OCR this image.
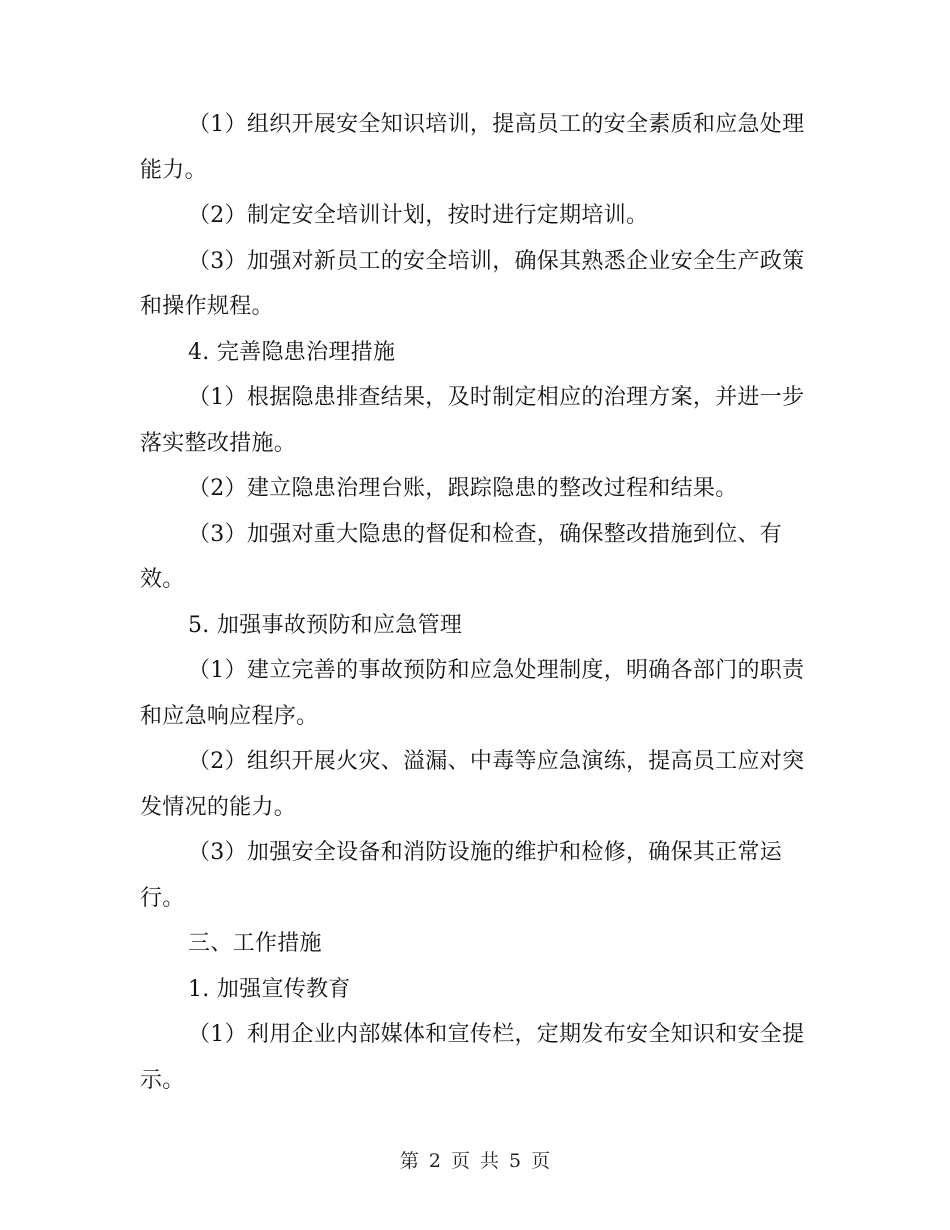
（1）组织开展安全知识培训，提高员工的安全素质和应急处理能力。

（2）制定安全培训计划，按时进行定期培训。

（3）加强对新员工的安全培训，确保其熟悉企业安全生产政策和操作规程。

4. 完善隐患治理措施

（1）根据隐患排查结果，及时制定相应的治理方案，并进一步落实整改措施。

（2）建立隐患治理台账，跟踪隐患的整改过程和结果。

（3）加强对重大隐患的督促和检查，确保整改措施到位、有效。

5. 加强事故预防和应急管理

（1）建立完善的事故预防和应急处理制度，明确各部门的职责和应急响应程序。

（2）组织开展火灾、溢漏、中毒等应急演练，提高员工应对突发情况的能力。

（3）加强安全设备和消防设施的维护和检修，确保其正常运行。

三、工作措施

1. 加强宣传教育

（1）利用企业内部媒体和宣传栏，定期发布安全知识和安全提示。

第 2 页 共 5 页
